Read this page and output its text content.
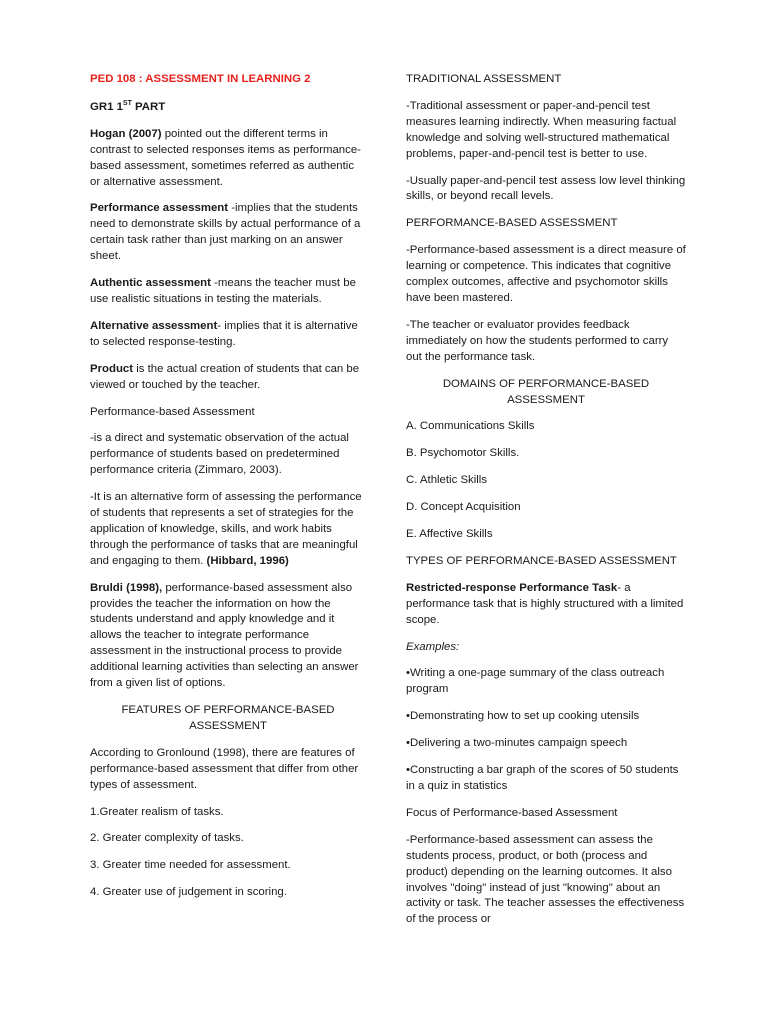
PED 108 : ASSESSMENT IN LEARNING 2

GR1 1ST PART

Hogan (2007) pointed out the different terms in contrast to selected responses items as performance-based assessment, sometimes referred as authentic or alternative assessment.

Performance assessment -implies that the students need to demonstrate skills by actual performance of a certain task rather than just marking on an answer sheet.

Authentic assessment -means the teacher must be use realistic situations in testing the materials.

Alternative assessment- implies that it is alternative to selected response-testing.

Product is the actual creation of students that can be viewed or touched by the teacher.

Performance-based Assessment

-is a direct and systematic observation of the actual performance of students based on predetermined performance criteria (Zimmaro, 2003).

-It is an alternative form of assessing the performance of students that represents a set of strategies for the application of knowledge, skills, and work habits through the performance of tasks that are meaningful and engaging to them. (Hibbard, 1996)

Bruldi (1998), performance-based assessment also provides the teacher the information on how the students understand and apply knowledge and it allows the teacher to integrate performance assessment in the instructional process to provide additional learning activities than selecting an answer from a given list of options.

FEATURES OF PERFORMANCE-BASED ASSESSMENT

According to Gronlound (1998), there are features of performance-based assessment that differ from other types of assessment.

1.Greater realism of tasks.

2. Greater complexity of tasks.

3. Greater time needed for assessment.

4. Greater use of judgement in scoring.

TRADITIONAL ASSESSMENT

-Traditional assessment or paper-and-pencil test measures learning indirectly. When measuring factual knowledge and solving well-structured mathematical problems, paper-and-pencil test is better to use.

-Usually paper-and-pencil test assess low level thinking skills, or beyond recall levels.

PERFORMANCE-BASED ASSESSMENT

-Performance-based assessment is a direct measure of learning or competence. This indicates that cognitive complex outcomes, affective and psychomotor skills have been mastered.

-The teacher or evaluator provides feedback immediately on how the students performed to carry out the performance task.

DOMAINS OF PERFORMANCE-BASED ASSESSMENT

A. Communications Skills

B. Psychomotor Skills.

C. Athletic Skills

D. Concept Acquisition

E. Affective Skills

TYPES OF PERFORMANCE-BASED ASSESSMENT

Restricted-response Performance Task- a performance task that is highly structured with a limited scope.

Examples:

•Writing a one-page summary of the class outreach program

•Demonstrating how to set up cooking utensils

•Delivering a two-minutes campaign speech

•Constructing a bar graph of the scores of 50 students in a quiz in statistics

Focus of Performance-based Assessment

-Performance-based assessment can assess the students process, product, or both (process and product) depending on the learning outcomes. It also involves "doing" instead of just "knowing" about an activity or task. The teacher assesses the effectiveness of the process or
